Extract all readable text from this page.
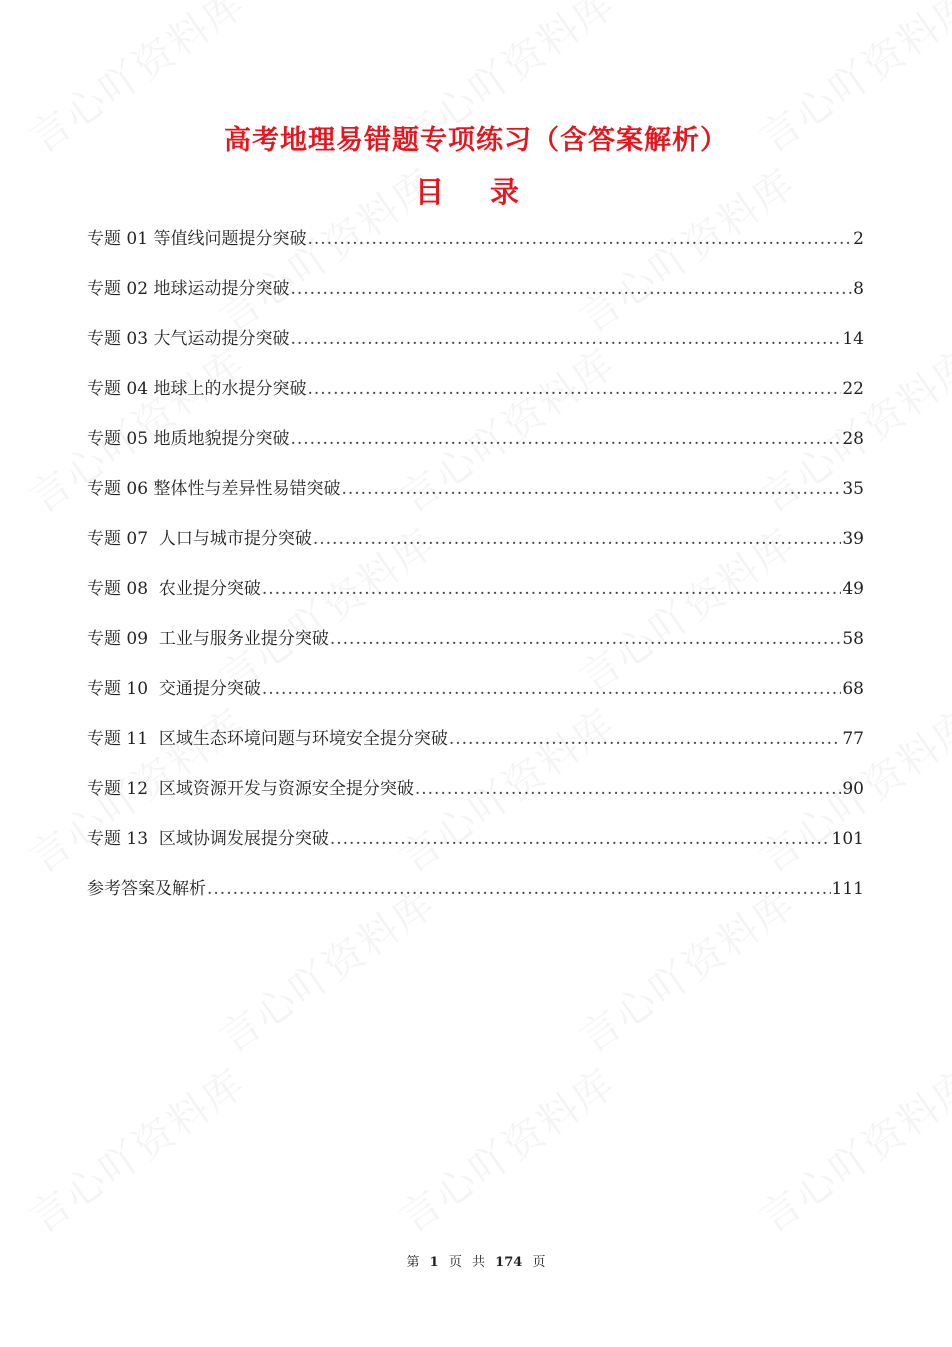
高考地理易错题专项练习（含答案解析）
目 录
专题 01 等值线问题提分突破 .....	2
专题 02 地球运动提分突破 .....	8
专题 03 大气运动提分突破 .....	14
专题 04 地球上的水提分突破 .....	22
专题 05 地质地貌提分突破 .....	28
专题 06 整体性与差异性易错突破 .....	35
专题 07  人口与城市提分突破 .....	39
专题 08  农业提分突破 .....	49
专题 09  工业与服务业提分突破 .....	58
专题 10  交通提分突破 .....	68
专题 11  区域生态环境问题与环境安全提分突破 .....	77
专题 12  区域资源开发与资源安全提分突破 .....	90
专题 13  区域协调发展提分突破 .....	101
参考答案及解析 .....	111
第 1 页 共 174 页
